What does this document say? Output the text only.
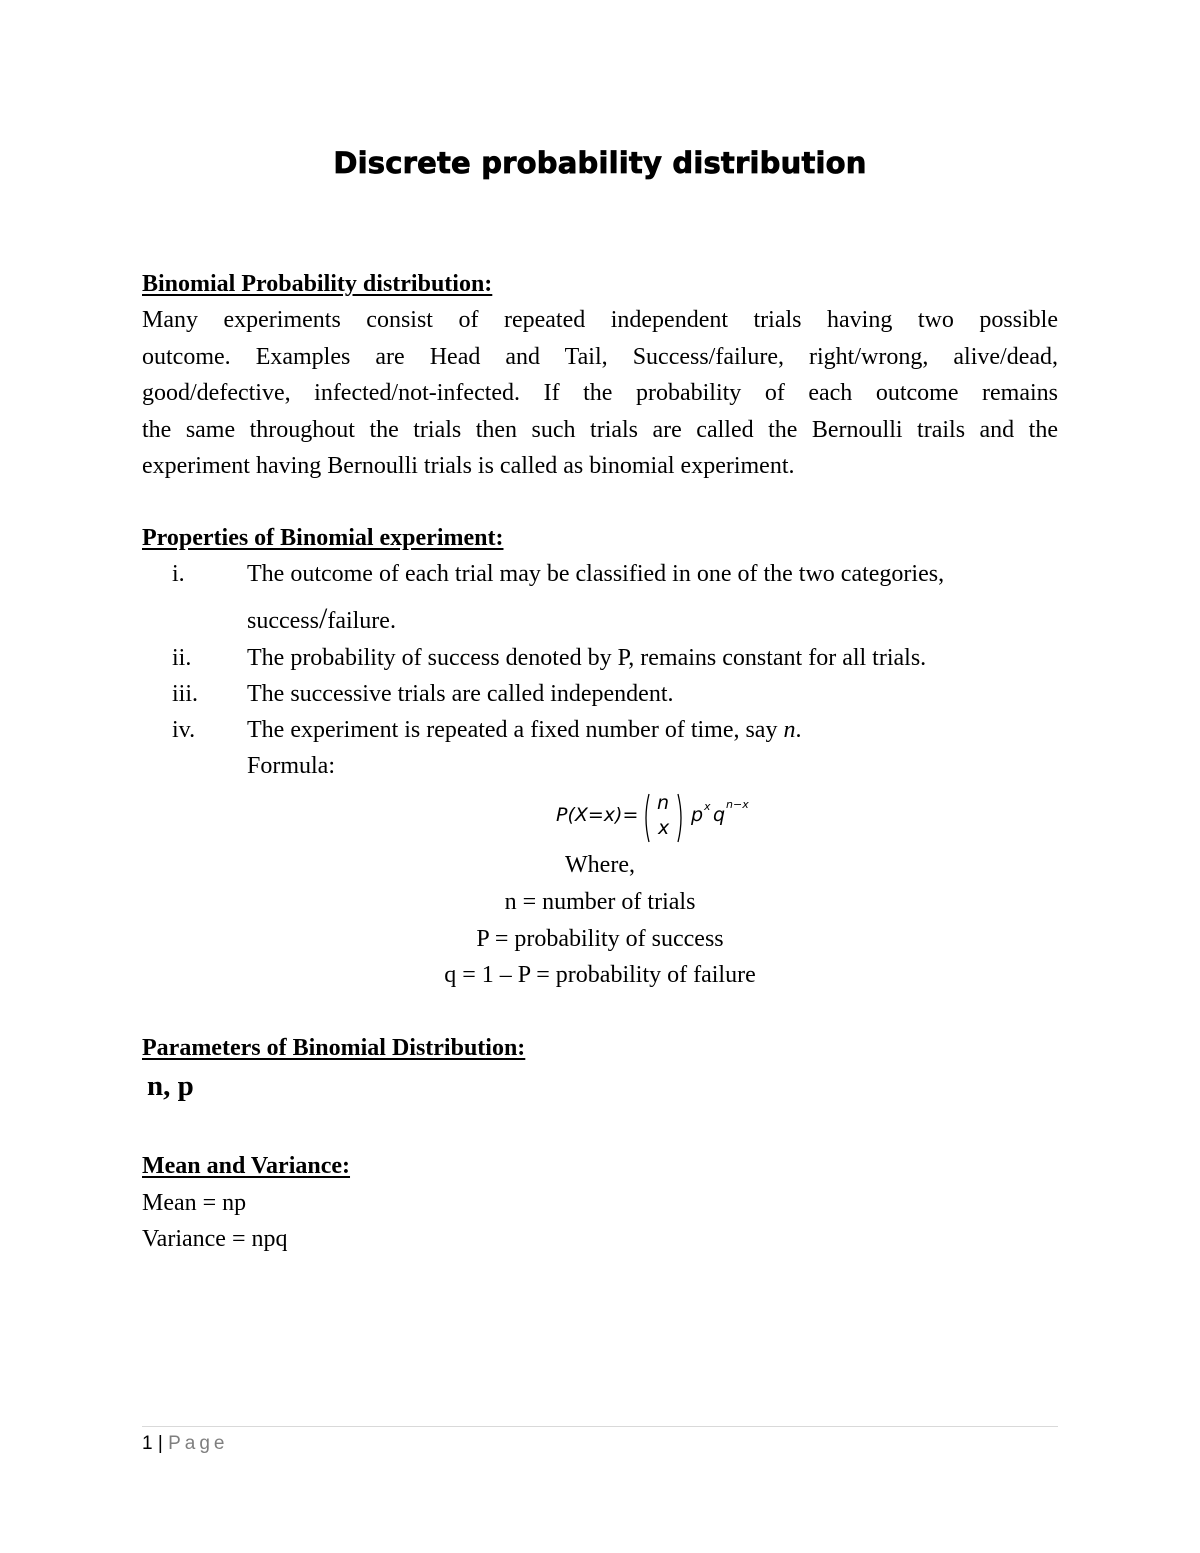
Discrete probability distribution
Binomial Probability distribution:
Many experiments consist of repeated independent trials having two possible
outcome. Examples are Head and Tail, Success/failure, right/wrong, alive/dead,
good/defective, infected/not-infected. If the probability of each outcome remains
the same throughout the trials then such trials are called the Bernoulli trails and the
experiment having Bernoulli trials is called as binomial experiment.
Properties of Binomial experiment:
i.	The outcome of each trial may be classified in one of the two categories,
success/failure.
ii. The probability of success denoted by P, remains constant for all trials.
iii. The successive trials are called independent.
iv. The experiment is repeated a fixed number of time, say n.
Formula:
P(X=x)=
n
x
p x q n−x
Where,
n = number of trials
P = probability of success
q = 1 – P = probability of failure
Parameters of Binomial Distribution:
n, p
Mean and Variance:
Mean = np
Variance = npq
1 | Page
